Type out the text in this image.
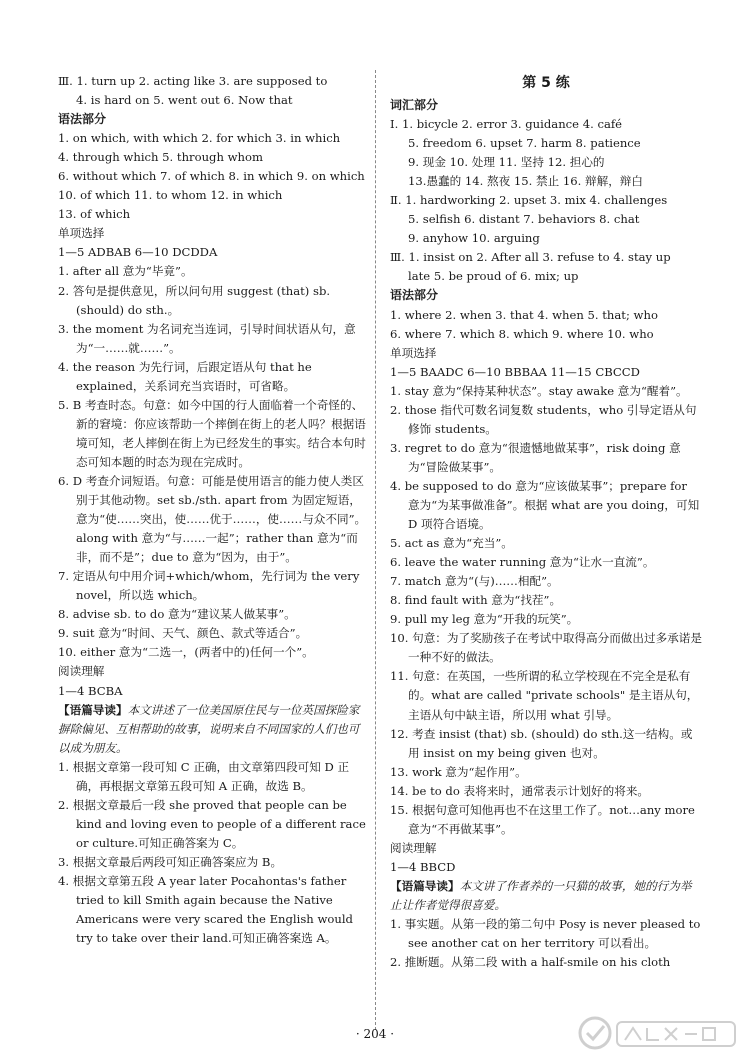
Ⅲ. 1. turn up 2. acting like 3. are supposed to
4. is hard on 5. went out 6. Now that
语法部分
1. on which, with which 2. for which 3. in which
4. through which 5. through whom
6. without which 7. of which 8. in which 9. on which
10. of which 11. to whom 12. in which
13. of which
单项选择
1—5 ADBAB 6—10 DCDDA
1. after all 意为“毕竟”。
2. 答句是提供意见，所以问句用 suggest (that) sb. (should) do sth.。
3. the moment 为名词充当连词，引导时间状语从句，意为“一……就……”。
4. the reason 为先行词，后跟定语从句 that he explained，关系词充当宾语时，可省略。
5. B 考查时态。句意：如今中国的行人面临着一个奇怪的、新的窘境：你应该帮助一个摔倒在街上的老人吗？根据语境可知，老人摔倒在街上为已经发生的事实。结合本句时态可知本题的时态为现在完成时。
6. D 考查介词短语。句意：可能是使用语言的能力使人类区别于其他动物。set sb./sth. apart from 为固定短语，意为“使……突出，使……优于……，使……与众不同”。along with 意为“与……一起”；rather than 意为“而非，而不是”；due to 意为“因为，由于”。
7. 定语从句中用介词+which/whom，先行词为 the very novel，所以选 which。
8. advise sb. to do 意为“建议某人做某事”。
9. suit 意为“时间、天气、颜色、款式等适合”。
10. either 意为“二选一，(两者中的)任何一个”。
阅读理解
1—4 BCBA
【语篇导读】本文讲述了一位美国原住民与一位英国探险家摒除偏见、互相帮助的故事，说明来自不同国家的人们也可以成为朋友。
1. 根据文章第一段可知 C 正确，由文章第四段可知 D 正确，再根据文章第五段可知 A 正确，故选 B。
2. 根据文章最后一段 she proved that people can be kind and loving even to people of a different race or culture.可知正确答案为 C。
3. 根据文章最后两段可知正确答案应为 B。
4. 根据文章第五段 A year later Pocahontas's father tried to kill Smith again because the Native Americans were very scared the English would try to take over their land.可知正确答案选 A。
第 5 练
词汇部分
Ⅰ. 1. bicycle 2. error 3. guidance 4. café
5. freedom 6. upset 7. harm 8. patience
9. 现金 10. 处理 11. 坚持 12. 担心的
13.愚蠢的 14. 熬夜 15. 禁止 16. 辩解，辩白
Ⅱ. 1. hardworking 2. upset 3. mix 4. challenges
5. selfish 6. distant 7. behaviors 8. chat
9. anyhow 10. arguing
Ⅲ. 1. insist on 2. After all 3. refuse to 4. stay up
late 5. be proud of 6. mix; up
语法部分
1. where 2. when 3. that 4. when 5. that; who
6. where 7. which 8. which 9. where 10. who
单项选择
1—5 BAADC 6—10 BBBAA 11—15 CBCCD
1. stay 意为“保持某种状态”。stay awake 意为“醒着”。
2. those 指代可数名词复数 students，who 引导定语从句修饰 students。
3. regret to do 意为“很遗憾地做某事”，risk doing 意为“冒险做某事”。
4. be supposed to do 意为“应该做某事”；prepare for 意为“为某事做准备”。根据 what are you doing，可知 D 项符合语境。
5. act as 意为“充当”。
6. leave the water running 意为“让水一直流”。
7. match 意为“(与)……相配”。
8. find fault with 意为“找茬”。
9. pull my leg 意为“开我的玩笑”。
10. 句意：为了奖励孩子在考试中取得高分而做出过多承诺是一种不好的做法。
11. 句意：在英国，一些所谓的私立学校现在不完全是私有的。what are called "private schools" 是主语从句，主语从句中缺主语，所以用 what 引导。
12. 考查 insist (that) sb. (should) do sth.这一结构。或用 insist on my being given 也对。
13. work 意为“起作用”。
14. be to do 表将来时，通常表示计划好的将来。
15. 根据句意可知他再也不在这里工作了。not…any more 意为“不再做某事”。
阅读理解
1—4 BBCD
【语篇导读】本文讲了作者养的一只猫的故事，她的行为举止让作者觉得很喜爱。
1. 事实题。从第一段的第二句中 Posy is never pleased to see another cat on her territory 可以看出。
2. 推断题。从第二段 with a half-smile on his cloth
· 204 ·
